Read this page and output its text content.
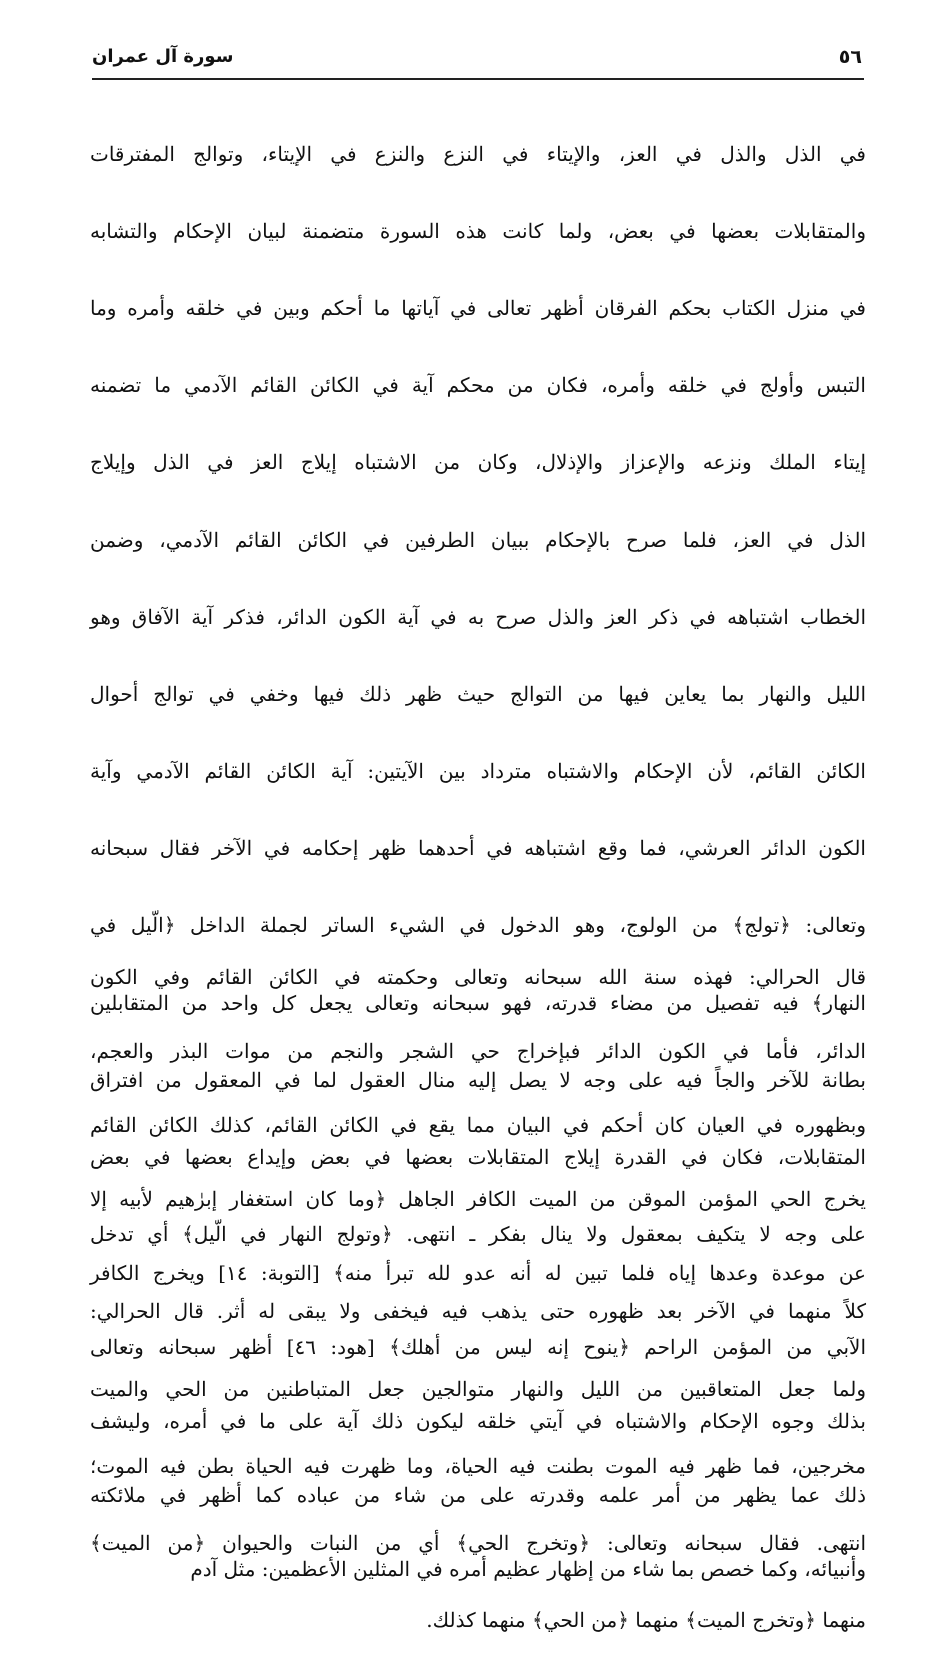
٥٦
سورة آل عمران

في الذل والذل في العز، والإيتاء في النزع والنزع في الإيتاء، وتوالج المفترقات

والمتقابلات بعضها في بعض، ولما كانت هذه السورة متضمنة لبيان الإحكام والتشابه

في منزل الكتاب بحكم الفرقان أظهر تعالى في آياتها ما أحكم وبين في خلقه وأمره وما

التبس وأولج في خلقه وأمره، فكان من محكم آية في الكائن القائم الآدمي ما تضمنه

إيتاء الملك ونزعه والإعزاز والإذلال، وكان من الاشتباه إيلاج العز في الذل وإيلاج

الذل في العز، فلما صرح بالإحكام ببيان الطرفين في الكائن القائم الآدمي، وضمن

الخطاب اشتباهه في ذكر العز والذل صرح به في آية الكون الدائر، فذكر آية الآفاق وهو

الليل والنهار بما يعاين فيها من التوالج حيث ظهر ذلك فيها وخفي في توالج أحوال

الكائن القائم، لأن الإحكام والاشتباه مترداد بين الآيتين: آية الكائن القائم الآدمي وآية

الكون الدائر العرشي، فما وقع اشتباهه في أحدهما ظهر إحكامه في الآخر فقال سبحانه

وتعالى: ﴿تولج﴾ من الولوج، وهو الدخول في الشيء الساتر لجملة الداخل ﴿الّيل في

النهار﴾ فيه تفصيل من مضاء قدرته، فهو سبحانه وتعالى يجعل كل واحد من المتقابلين

بطانة للآخر والجاً فيه على وجه لا يصل إليه منال العقول لما في المعقول من افتراق

المتقابلات، فكان في القدرة إيلاج المتقابلات بعضها في بعض وإيداع بعضها في بعض

على وجه لا يتكيف بمعقول ولا ينال بفكر ـ انتهى. ﴿وتولج النهار في الّيل﴾ أي تدخل

كلاً منهما في الآخر بعد ظهوره حتى يذهب فيه فيخفى ولا يبقى له أثر. قال الحرالي:

ولما جعل المتعاقبين من الليل والنهار متوالجين جعل المتباطنين من الحي والميت

مخرجين، فما ظهر فيه الموت بطنت فيه الحياة، وما ظهرت فيه الحياة بطن فيه الموت؛

انتهى. فقال سبحانه وتعالى: ﴿وتخرج الحي﴾ أي من النبات والحيوان ﴿من الميت﴾

منهما ﴿وتخرج الميت﴾ منهما ﴿من الحي﴾ منهما كذلك.

قال الحرالي: فهذه سنة الله سبحانه وتعالى وحكمته في الكائن القائم وفي الكون

الدائر، فأما في الكون الدائر فبإخراج حي الشجر والنجم من موات البذر والعجم،

وبظهوره في العيان كان أحكم في البيان مما يقع في الكائن القائم، كذلك الكائن القائم

يخرج الحي المؤمن الموقن من الميت الكافر الجاهل ﴿وما كان استغفار إبرٰهيم لأبيه إلا

عن موعدة وعدها إياه فلما تبين له أنه عدو لله تبرأ منه﴾ [التوبة: ١٤] ويخرج الكافر

الآبي من المؤمن الراحم ﴿ينوح إنه ليس من أهلك﴾ [هود: ٤٦] أظهر سبحانه وتعالى

بذلك وجوه الإحكام والاشتباه في آيتي خلقه ليكون ذلك آية على ما في أمره، وليشف

ذلك عما يظهر من أمر علمه وقدرته على من شاء من عباده كما أظهر في ملائكته

وأنبيائه، وكما خصص بما شاء من إظهار عظيم أمره في المثلين الأعظمين: مثل آدم
